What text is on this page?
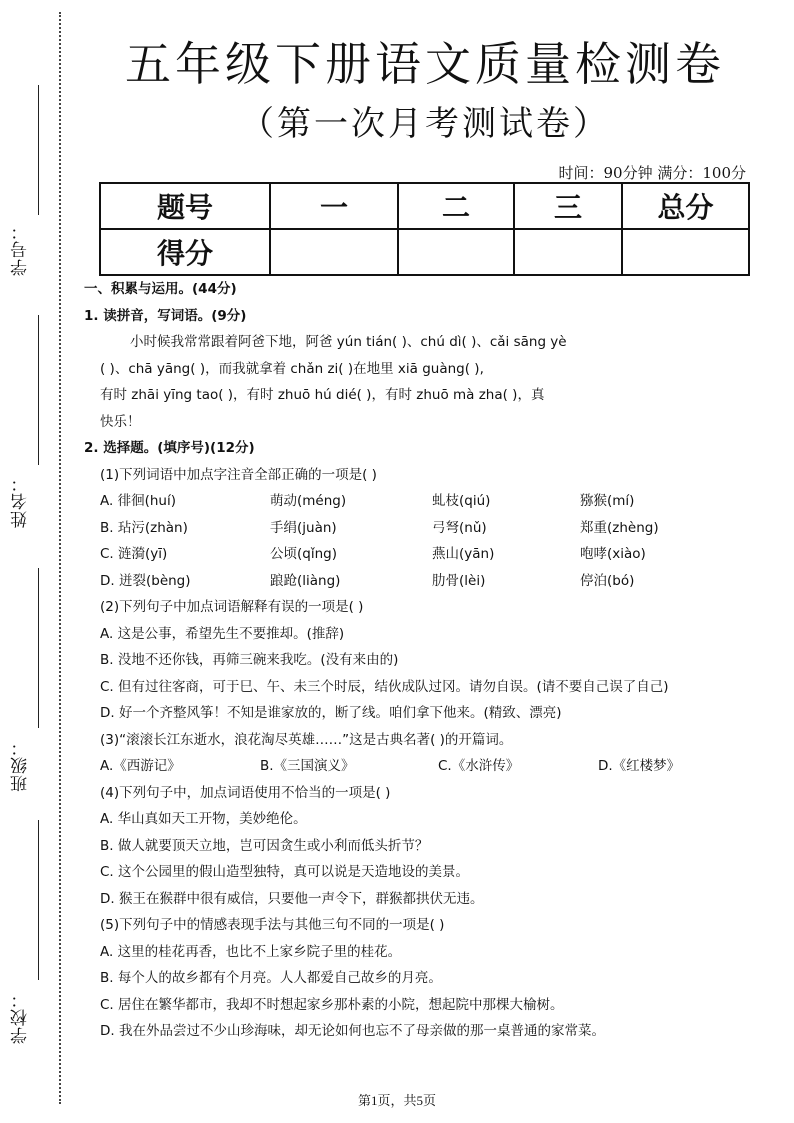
学号：
姓名：
班级：
学校：
五年级下册语文质量检测卷
（第一次月考测试卷）
时间：90分钟 满分：100分
题号	一	二	三	总分
得分				
一、积累与运用。(44分)
1. 读拼音，写词语。(9分)
小时候我常常跟着阿爸下地，阿爸 yún tián( )、chú dì( )、cǎi sāng yè
( )、chā yāng( )，而我就拿着 chǎn zi( )在地里 xiā guàng( ),
有时 zhāi yīng tao( )，有时 zhuō hú dié( )，有时 zhuō mà zha( )，真
快乐！
2. 选择题。(填序号)(12分)
(1)下列词语中加点字注音全部正确的一项是( )
A. 徘徊(huí)	萌动(méng)	虬枝(qiú)	猕猴(mí)
B. 玷污(zhàn)	手绢(juàn)	弓弩(nǔ)	郑重(zhèng)
C. 涟漪(yī)	公顷(qǐng)	燕山(yān)	咆哮(xiào)
D. 迸裂(bèng)	踉跄(liàng)	肋骨(lèi)	停泊(bó)
(2)下列句子中加点词语解释有误的一项是( )
A. 这是公事，希望先生不要推却。(推辞)
B. 没地不还你钱，再筛三碗来我吃。(没有来由的)
C. 但有过往客商，可于巳、午、未三个时辰，结伙成队过冈。请勿自误。(请不要自己误了自己)
D. 好一个齐整风筝！不知是谁家放的，断了线。咱们拿下他来。(精致、漂亮)
(3)“滚滚长江东逝水，浪花淘尽英雄……”这是古典名著( )的开篇词。
A.《西游记》	B.《三国演义》	C.《水浒传》	D.《红楼梦》
(4)下列句子中，加点词语使用不恰当的一项是( )
A. 华山真如天工开物，美妙绝伦。
B. 做人就要顶天立地，岂可因贪生或小利而低头折节？
C. 这个公园里的假山造型独特，真可以说是天造地设的美景。
D. 猴王在猴群中很有威信，只要他一声令下，群猴都拱伏无违。
(5)下列句子中的情感表现手法与其他三句不同的一项是( )
A. 这里的桂花再香，也比不上家乡院子里的桂花。
B. 每个人的故乡都有个月亮。人人都爱自己故乡的月亮。
C. 居住在繁华都市，我却不时想起家乡那朴素的小院，想起院中那棵大榆树。
D. 我在外品尝过不少山珍海味，却无论如何也忘不了母亲做的那一桌普通的家常菜。
第1页，共5页
